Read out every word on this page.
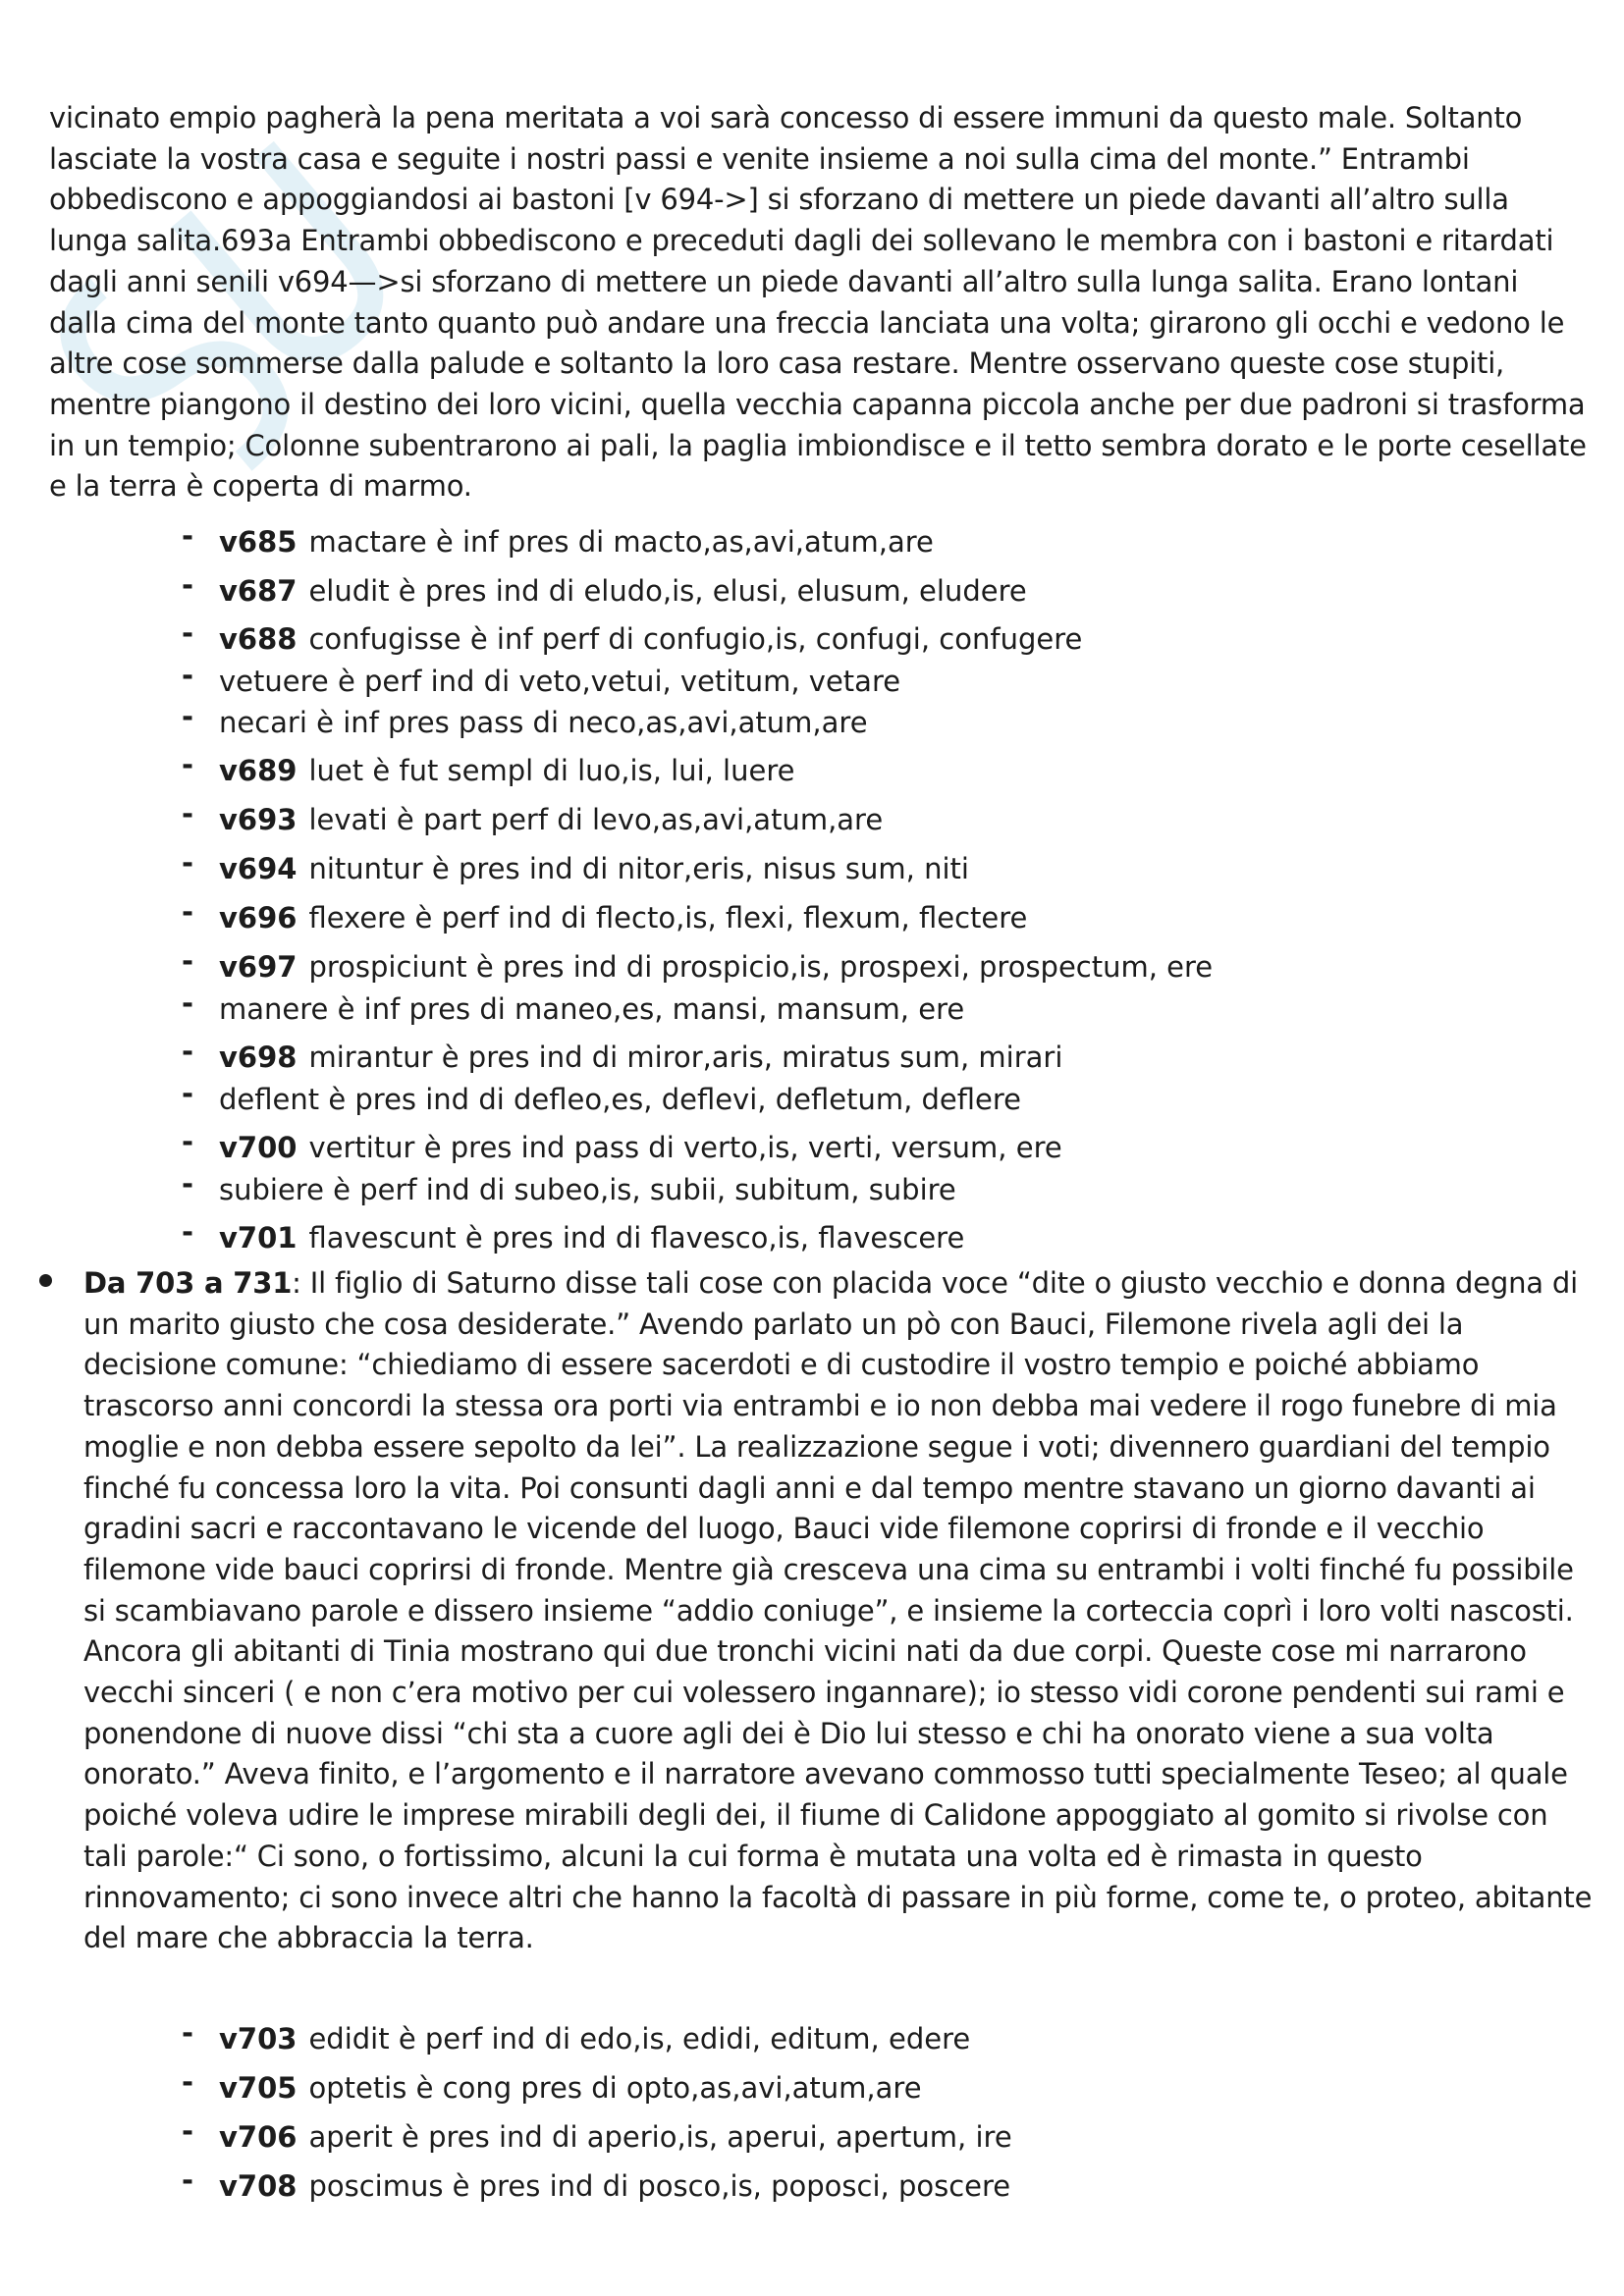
vicinato empio pagherà la pena meritata a voi sarà concesso di essere immuni da questo male. Soltanto lasciate la vostra casa e seguite i nostri passi e venite insieme a noi sulla cima del monte.” Entrambi obbediscono e appoggiandosi ai bastoni [v 694->] si sforzano di mettere un piede davanti all’altro sulla lunga salita.693a Entrambi obbediscono e preceduti dagli dei sollevano le membra con i bastoni e ritardati dagli anni senili v694—>si sforzano di mettere un piede davanti all’altro sulla lunga salita. Erano lontani dalla cima del monte tanto quanto può andare una freccia lanciata una volta; girarono gli occhi e vedono le altre cose sommerse dalla palude e soltanto la loro casa restare. Mentre osservano queste cose stupiti, mentre piangono il destino dei loro vicini, quella vecchia capanna piccola anche per due padroni si trasforma in un tempio; Colonne subentrarono ai pali, la paglia imbiondisce e il tetto sembra dorato e le porte cesellate e la terra è coperta di marmo.

- v685 mactare è inf pres di macto,as,avi,atum,are
- v687 eludit è pres ind di eludo,is, elusi, elusum, eludere
- v688 confugisse è inf perf di confugio,is, confugi, confugere
- vetuere è perf ind di veto,vetui, vetitum, vetare
- necari è inf pres pass di neco,as,avi,atum,are
- v689 luet è fut sempl di luo,is, lui, luere
- v693 levati è part perf di levo,as,avi,atum,are
- v694 nituntur è pres ind di nitor,eris, nisus sum, niti
- v696 flexere è perf ind di flecto,is, flexi, flexum, flectere
- v697 prospiciunt è pres ind di prospicio,is, prospexi, prospectum, ere
- manere è inf pres di maneo,es, mansi, mansum, ere
- v698 mirantur è pres ind di miror,aris, miratus sum, mirari
- deflent è pres ind di defleo,es, deflevi, defletum, deflere
- v700 vertitur è pres ind pass di verto,is, verti, versum, ere
- subiere è perf ind di subeo,is, subii, subitum, subire
- v701 flavescunt è pres ind di flavesco,is, flavescere

Da 703 a 731: Il figlio di Saturno disse tali cose con placida voce “dite o giusto vecchio e donna degna di un marito giusto che cosa desiderate.” Avendo parlato un pò con Bauci, Filemone rivela agli dei la decisione comune: “chiediamo di essere sacerdoti e di custodire il vostro tempio e poiché abbiamo trascorso anni concordi la stessa ora porti via entrambi e io non debba mai vedere il rogo funebre di mia moglie e non debba essere sepolto da lei”. La realizzazione segue i voti; divennero guardiani del tempio finché fu concessa loro la vita. Poi consunti dagli anni e dal tempo mentre stavano un giorno davanti ai gradini sacri e raccontavano le vicende del luogo, Bauci vide filemone coprirsi di fronde e il vecchio filemone vide bauci coprirsi di fronde. Mentre già cresceva una cima su entrambi i volti finché fu possibile si scambiavano parole e dissero insieme “addio coniuge”, e insieme la corteccia coprì i loro volti nascosti. Ancora gli abitanti di Tinia mostrano qui due tronchi vicini nati da due corpi. Queste cose mi narrarono vecchi sinceri ( e non c’era motivo per cui volessero ingannare); io stesso vidi corone pendenti sui rami e ponendone di nuove dissi “chi sta a cuore agli dei è Dio lui stesso e chi ha onorato viene a sua volta onorato.” Aveva finito, e l’argomento e il narratore avevano commosso tutti specialmente Teseo; al quale poiché voleva udire le imprese mirabili degli dei, il fiume di Calidone appoggiato al gomito si rivolse con tali parole:“ Ci sono, o fortissimo, alcuni la cui forma è mutata una volta ed è rimasta in questo rinnovamento; ci sono invece altri che hanno la facoltà di passare in più forme, come te, o proteo, abitante del mare che abbraccia la terra.

- v703 edidit è perf ind di edo,is, edidi, editum, edere
- v705 optetis è cong pres di opto,as,avi,atum,are
- v706 aperit è pres ind di aperio,is, aperui, apertum, ire
- v708 poscimus è pres ind di posco,is, poposci, poscere
